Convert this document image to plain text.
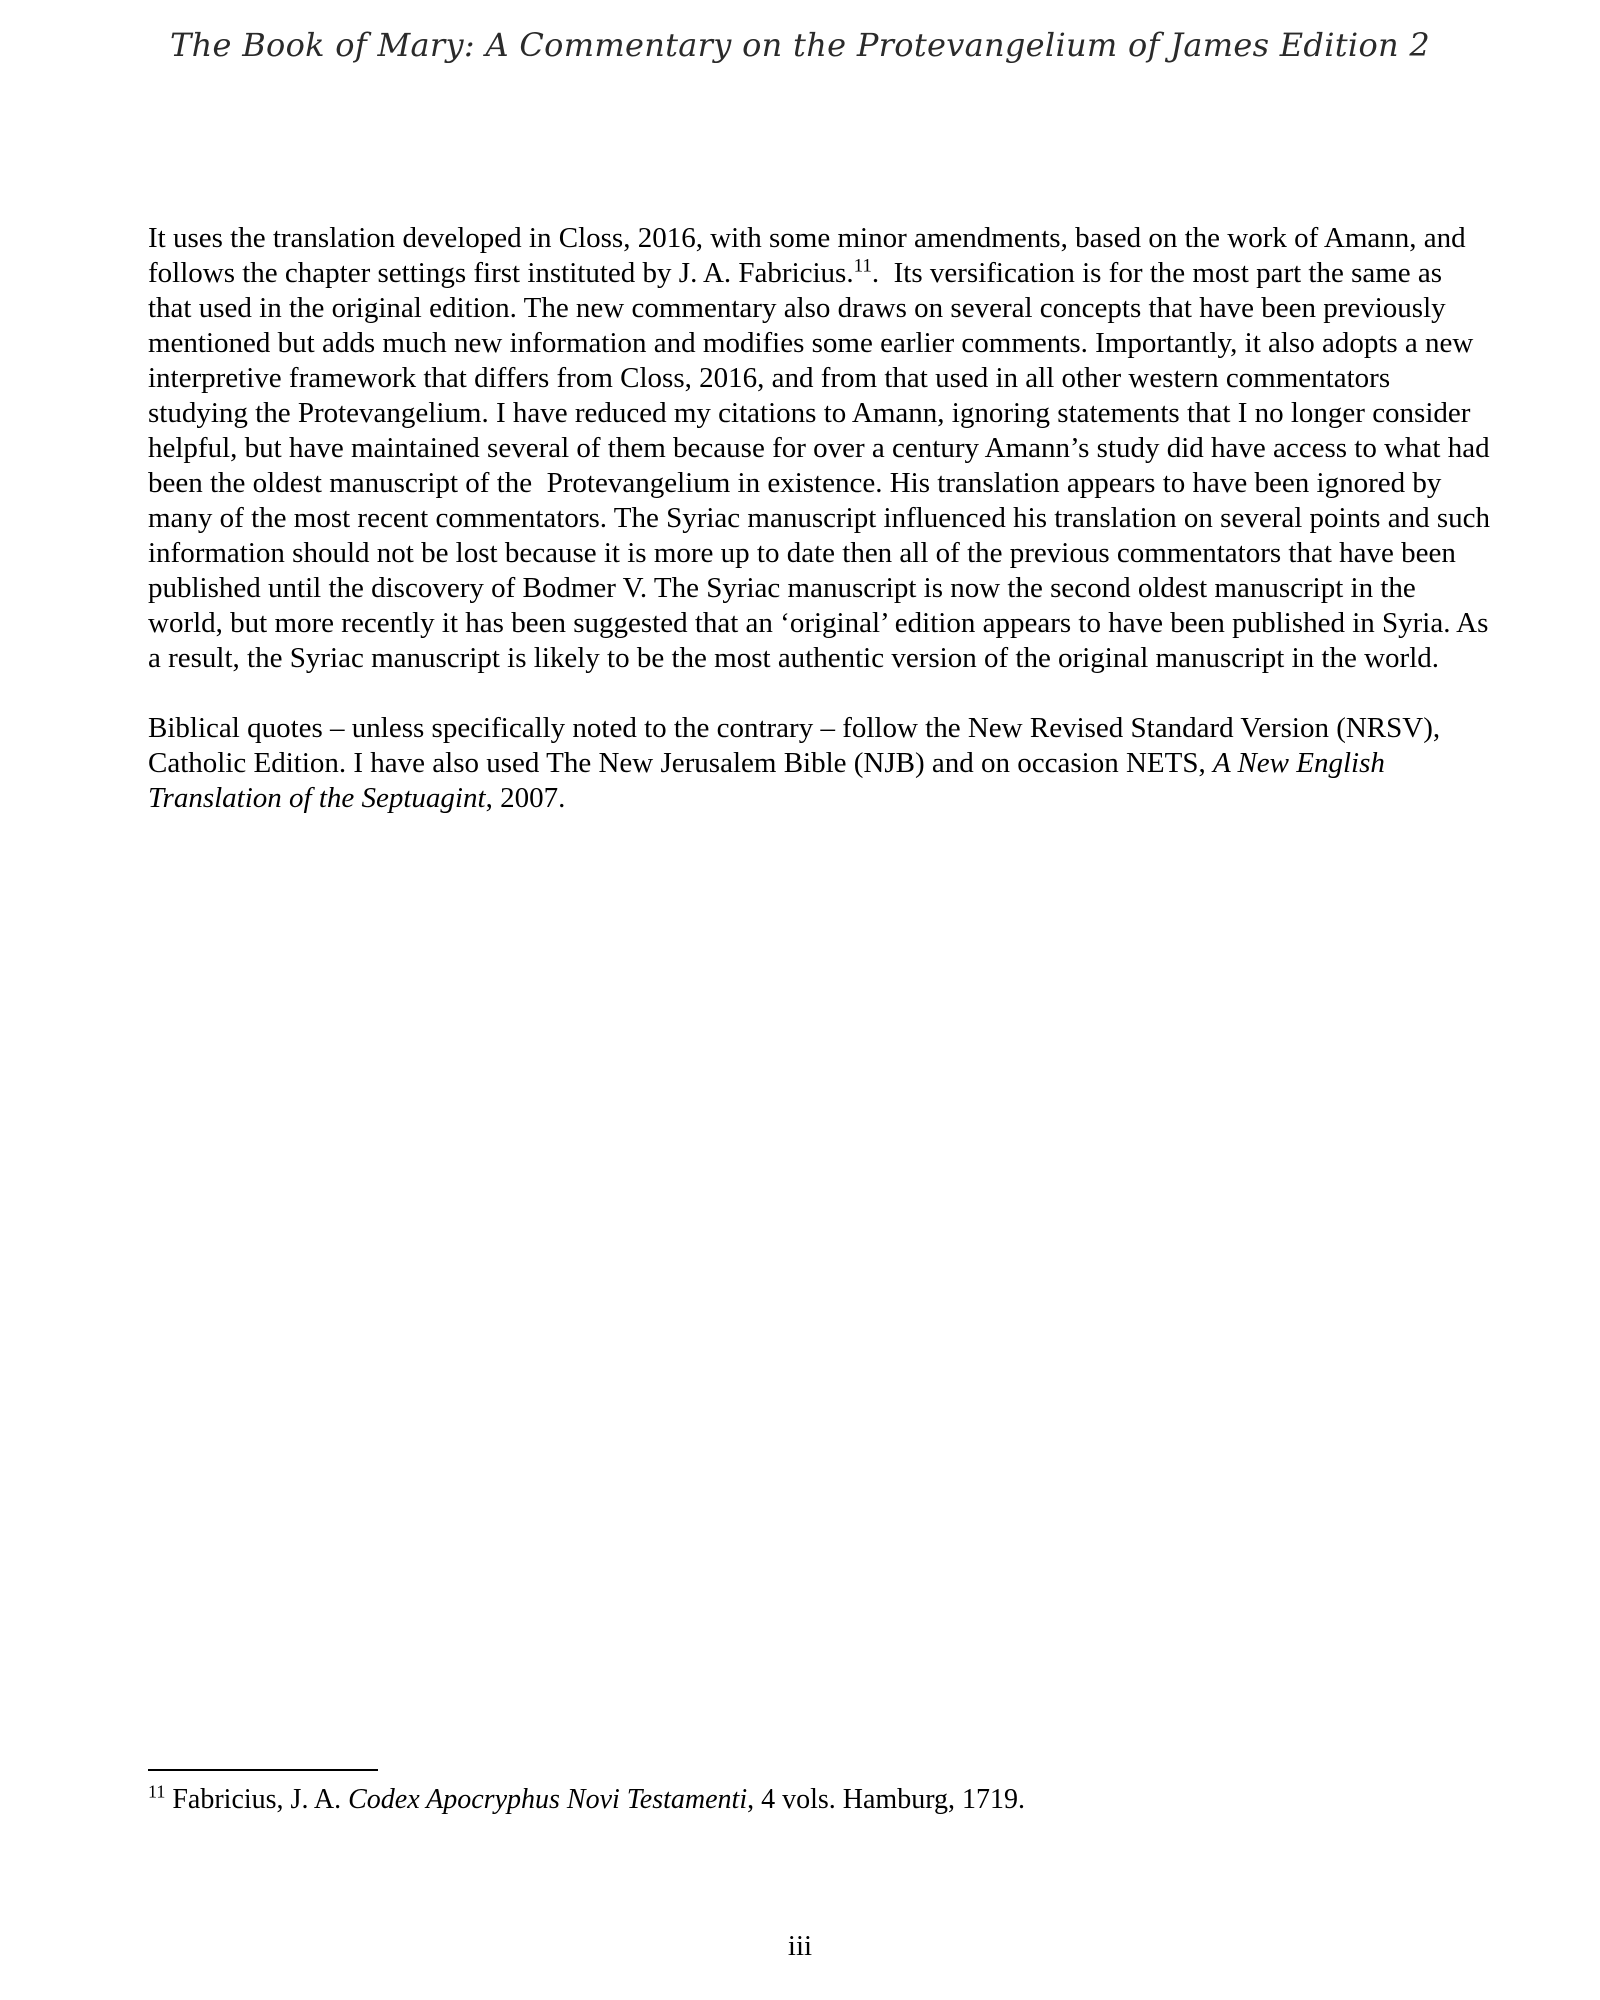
The Book of Mary: A Commentary on the Protevangelium of James Edition 2

It uses the translation developed in Closs, 2016, with some minor amendments, based on the work of Amann, and follows the chapter settings first instituted by J. A. Fabricius.$^{11}$.  Its versification is for the most part the same as that used in the original edition. The new commentary also draws on several concepts that have been previously mentioned but adds much new information and modifies some earlier comments. Importantly, it also adopts a new interpretive framework that differs from Closs, 2016, and from that used in all other western commentators studying the Protevangelium. I have reduced my citations to Amann, ignoring statements that I no longer consider helpful, but have maintained several of them because for over a century Amann’s study did have access to what had been the oldest manuscript of the  Protevangelium in existence. His translation appears to have been ignored by many of the most recent commentators. The Syriac manuscript influenced his translation on several points and such information should not be lost because it is more up to date then all of the previous commentators that have been published until the discovery of Bodmer V. The Syriac manuscript is now the second oldest manuscript in the world, but more recently it has been suggested that an ‘original’ edition appears to have been published in Syria. As a result, the Syriac manuscript is likely to be the most authentic version of the original manuscript in the world.

Biblical quotes – unless specifically noted to the contrary – follow the New Revised Standard Version (NRSV), Catholic Edition. I have also used The New Jerusalem Bible (NJB) and on occasion NETS, A New English Translation of the Septuagint, 2007.

$^{11}$ Fabricius, J. A. Codex Apocryphus Novi Testamenti, 4 vols. Hamburg, 1719.

iii
